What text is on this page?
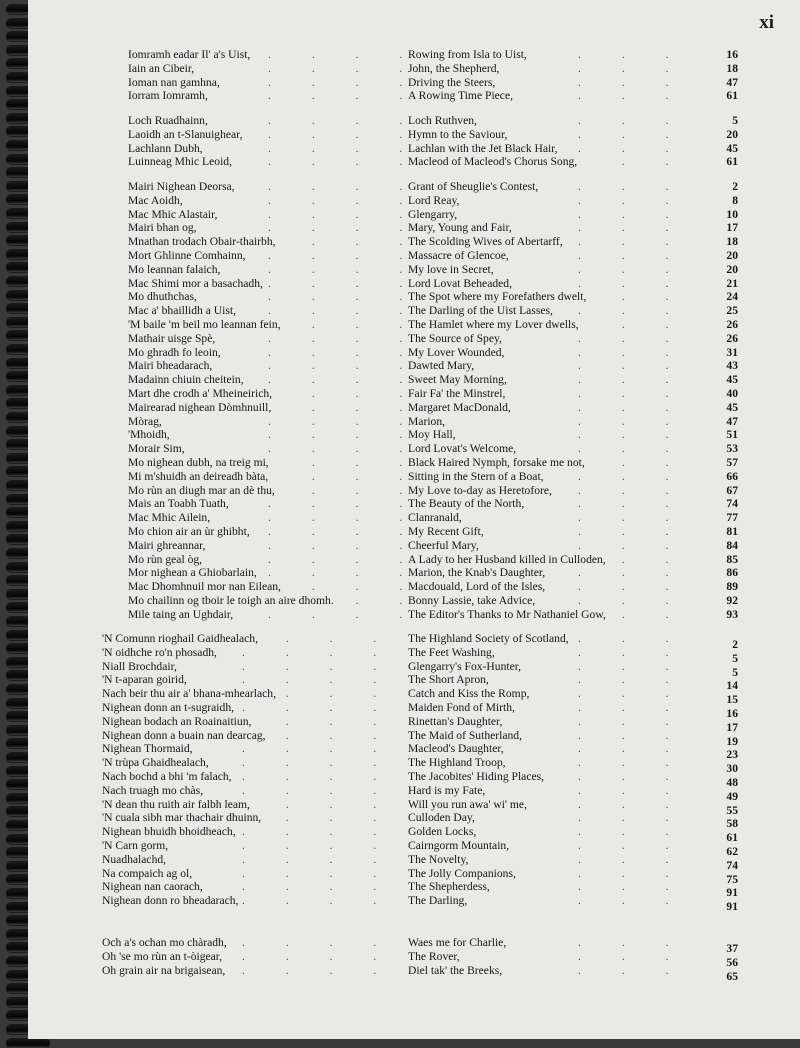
xi
Iomramh eadar Il' a's Uist, . . .	Rowing from Isla to Uist, . . .	16
Iain an Cibeir, . . .	John, the Shepherd, . . .	18
Ioman nan gamhna, . . .	Driving the Steers, . . .	47
Iorram Iomramh, . . .	A Rowing Time Piece, . . .	61
Loch Ruadhainn, . . .	Loch Ruthven, . . .	5
Laoidh an t-Slanuighear, . . .	Hymn to the Saviour, . . .	20
Lachlann Dubh, . . .	Lachlan with the Jet Black Hair, . . .	45
Luinneag Mhic Leoid, . . .	Macleod of Macleod's Chorus Song, . . .	61
Mairi Nighean Deorsa, . . .	Grant of Sheuglie's Contest, . . .	2
Mac Aoidh, . . .	Lord Reay, . . .	8
Mac Mhic Alastair, . . .	Glengarry, . . .	10
Mairi bhan og, . . .	Mary, Young and Fair, . . .	17
Mnathan trodach Obair-thairbh, . . .	The Scolding Wives of Abertarff, . . .	18
Mort Ghlinne Comhainn, . . .	Massacre of Glencoe, . . .	20
Mo leannan falaich, . . .	My love in Secret, . . .	20
Mac Shimi mor a basachadh, . . .	Lord Lovat Beheaded, . . .	21
Mo dhuthchas, . . .	The Spot where my Forefathers dwelt, . . .	24
Mac a' bhaillidh a Uist, . . .	The Darling of the Uist Lasses, . . .	25
'M baile 'm beil mo leannan fein, . . .	The Hamlet where my Lover dwells, . . .	26
Mathair uisge Spè, . . .	The Source of Spey, . . .	26
Mo ghradh fo leoin, . . .	My Lover Wounded, . . .	31
Mairi bheadarach, . . .	Dawted Mary, . . .	43
Madainn chiuin cheitein, . . .	Sweet May Morning, . . .	45
Mart dhe crodh a' Mheineirich, . . .	Fair Fa' the Minstrel, . . .	40
Mairearad nighean Dòmhnuill, . . .	Margaret MacDonald, . . .	45
Mòrag, . . .	Marion, . . .	47
'Mhoidh, . . .	Moy Hall, . . .	51
Morair Sim, . . .	Lord Lovat's Welcome, . . .	53
Mo nighean dubh, na treig mi, . . .	Black Haired Nymph, forsake me not, . . .	57
Mi m'shuidh an deireadh bàta, . . .	Sitting in the Stern of a Boat, . . .	66
Mo rùn an diugh mar an dè thu, . . .	My Love to-day as Heretofore, . . .	67
Mais an Toabh Tuath, . . .	The Beauty of the North, . . .	74
Mac Mhic Ailein, . . .	Clanranald, . . .	77
Mo chion air an ùr ghibht, . . .	My Recent Gift, . . .	81
Mairi ghreannar, . . .	Cheerful Mary, . . .	84
Mo rùn geal òg, . . .	A Lady to her Husband killed in Culloden, . . .	85
Mor nighean a Ghiobarlain, . . .	Marion, the Knab's Daughter, . . .	86
Mac Dhomhnuil mor nan Eilean, . . .	Macdouald, Lord of the Isles, . . .	89
Mo chailinn og tboir le toigh an aire dhomh. . . .	Bonny Lassie, take Advice, . . .	92
Mile taing an Ughdair, . . .	The Editor's Thanks to Mr Nathaniel Gow, . . .	93
'N Comunn rioghail Gaidhealach, . . .	The Highland Society of Scotland, . . .	2
'N oidhche ro'n phosadh, . . .	The Feet Washing, . . .	5
Niall Brochdair, . . .	Glengarry's Fox-Hunter, . . .	5
'N t-aparan goirid, . . .	The Short Apron, . . .	14
Nach beir thu air a' bhana-mhearlach, . . .	Catch and Kiss the Romp, . . .	15
Nighean donn an t-sugraidh, . . .	Maiden Fond of Mirth, . . .	16
Nighean bodach an Roainaitiun, . . .	Rinettan's Daughter, . . .	17
Nighean donn a buain nan dearcag, . . .	The Maid of Sutherland, . . .	19
Nighean Thormaid, . . .	Macleod's Daughter, . . .	23
'N trùpa Ghaidhealach, . . .	The Highland Troop, . . .	30
Nach bochd a bhi 'm falach, . . .	The Jacobites' Hiding Places, . . .	48
Nach truagh mo chàs, . . .	Hard is my Fate, . . .	49
'N dean thu ruith air falbh leam, . . .	Will you run awa' wi' me, . . .	55
'N cuala sibh mar thachair dhuinn, . . .	Culloden Day, . . .	58
Nighean bhuidh bhoidheach, . . .	Golden Locks, . . .	61
'N Carn gorm, . . .	Cairngorm Mountain, . . .	62
Nuadhalachd, . . .	The Novelty, . . .	74
Na compaich ag ol, . . .	The Jolly Companions, . . .	75
Nighean nan caorach, . . .	The Shepherdess, . . .	91
Nighean donn ro bheadarach, . . .	The Darling, . . .	91
Och a's ochan mo chàradh, . . .	Waes me for Charlie, . . .	37
Oh 'se mo rùn an t-òigear, . . .	The Rover, . . .	56
Oh grain air na brigaisean, . . .	Diel tak' the Breeks, . . .	65
